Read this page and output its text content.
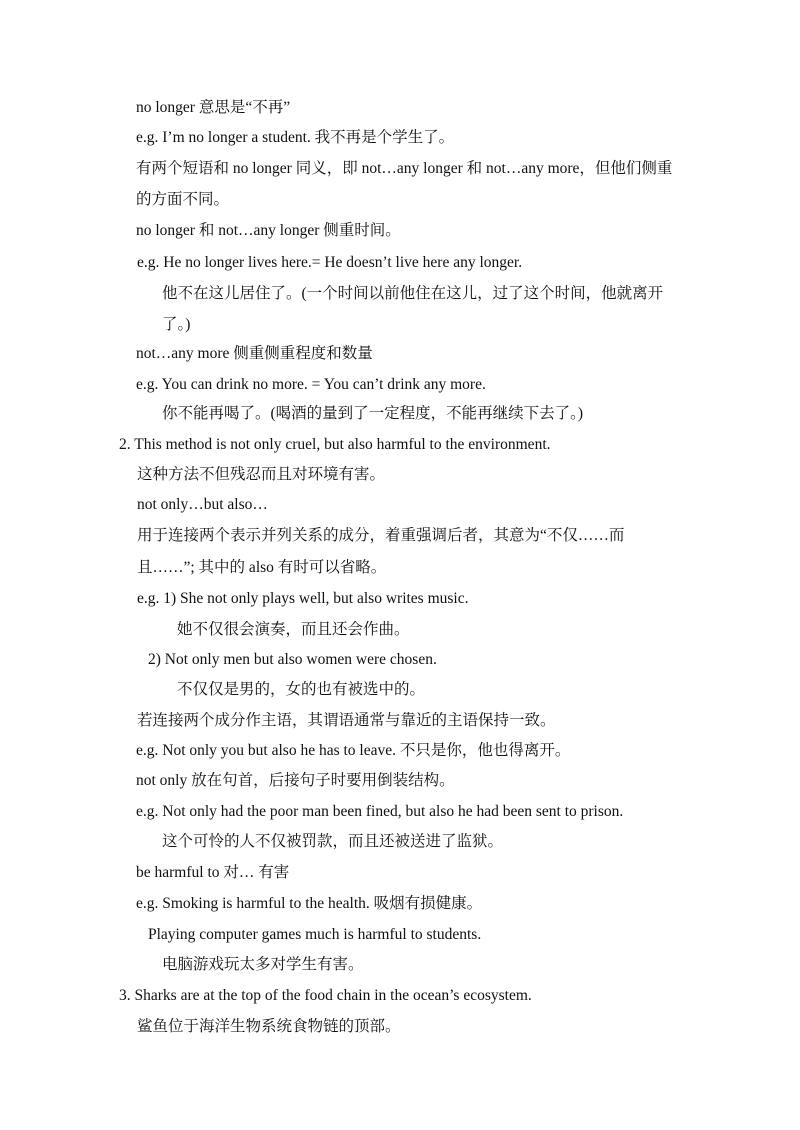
no longer 意思是“不再”
e.g. I’m no longer a student. 我不再是个学生了。
有两个短语和 no longer 同义，即 not…any longer 和 not…any more，但他们侧重
的方面不同。
no longer 和 not…any longer 侧重时间。
e.g. He no longer lives here.= He doesn’t live here any longer.
他不在这儿居住了。(一个时间以前他住在这儿，过了这个时间，他就离开
了。)
not…any more 侧重侧重程度和数量
e.g. You can drink no more. = You can’t drink any more.
你不能再喝了。(喝酒的量到了一定程度，不能再继续下去了。)
2. This method is not only cruel, but also harmful to the environment.
这种方法不但残忍而且对环境有害。
not only…but also…
用于连接两个表示并列关系的成分，着重强调后者，其意为“不仅……而
且……”; 其中的 also 有时可以省略。
e.g. 1) She not only plays well, but also writes music.
她不仅很会演奏，而且还会作曲。
2) Not only men but also women were chosen.
不仅仅是男的，女的也有被选中的。
若连接两个成分作主语，其谓语通常与靠近的主语保持一致。
e.g. Not only you but also he has to leave. 不只是你，他也得离开。
not only 放在句首，后接句子时要用倒装结构。
e.g. Not only had the poor man been fined, but also he had been sent to prison.
这个可怜的人不仅被罚款，而且还被送进了监狱。
be harmful to 对… 有害
e.g. Smoking is harmful to the health. 吸烟有损健康。
Playing computer games much is harmful to students.
电脑游戏玩太多对学生有害。
3. Sharks are at the top of the food chain in the ocean’s ecosystem.
鲨鱼位于海洋生物系统食物链的顶部。
